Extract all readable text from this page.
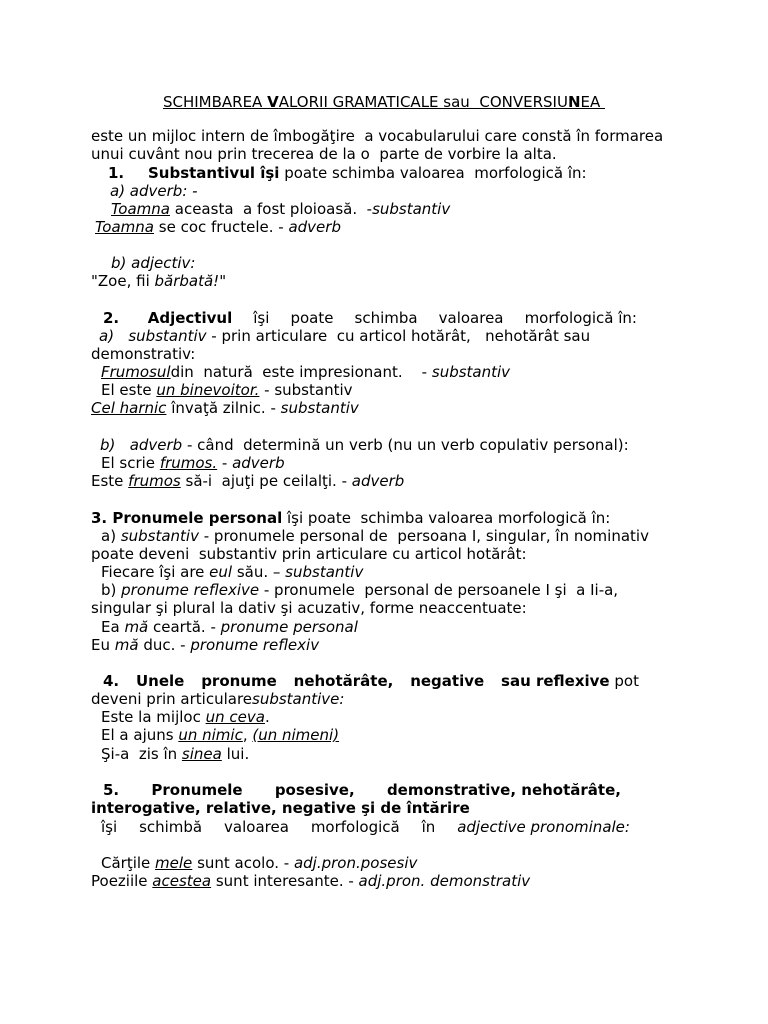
SCHIMBAREA VALORII GRAMATICALE sau  CONVERSIUNEA
este un mijloc intern de îmbogăţire  a vocabularului care constă în formarea
unui cuvânt nou prin trecerea de la o  parte de vorbire la alta.
1. Substantivul îşi poate schimba valoarea  morfologică în:
a) adverb: -
Toamna aceasta  a fost ploioasă.  -substantiv
Toamna se coc fructele. - adverb
b) adjectiv:
"Zoe, fii bărbată!"
2. Adjectivul îşi poate schimba valoarea morfologică în:
a)   substantiv - prin articulare  cu articol hotărât,   nehotărât sau
demonstrativ:
Frumosuldin  natură  este impresionant.    - substantiv
El este un binevoitor. - substantiv
Cel harnic învaţă zilnic. - substantiv
b)   adverb - când  determină un verb (nu un verb copulativ personal):
El scrie frumos. - adverb
Este frumos să-i  ajuţi pe ceilalţi. - adverb
3. Pronumele personal îşi poate  schimba valoarea morfologică în:
a) substantiv - pronumele personal de  persoana I, singular, în nominativ
poate deveni  substantiv prin articulare cu articol hotărât:
Fiecare îşi are eul său. – substantiv
b) pronume reflexive - pronumele  personal de persoanele I şi  a Ii-a,
singular şi plural la dativ şi acuzativ, forme neaccentuate:
Ea mă ceartă. - pronume personal
Eu mă duc. - pronume reflexiv
4. Unele pronume nehotărâte, negative sau reflexive pot
deveni prin articularesubstantive:
Este la mijloc un ceva.
El a ajuns un nimic, (un nimeni)
Şi-a  zis în sinea lui.
5. Pronumele posesive, demonstrative, nehotărâte,
interogative, relative, negative şi de întărire
îşi schimbă valoarea morfologică în adjective pronominale:
Cărţile mele sunt acolo. - adj.pron.posesiv
Poeziile acestea sunt interesante. - adj.pron. demonstrativ
